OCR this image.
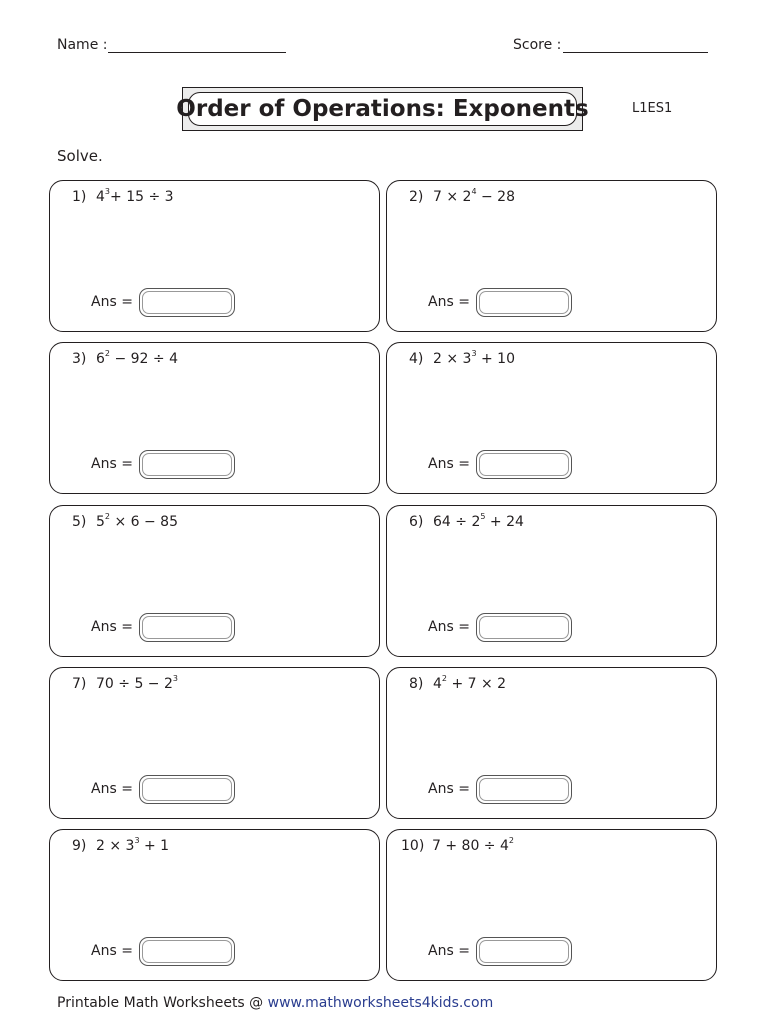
Name :	Score :
Order of Operations: Exponents	L1ES1
Solve.
1) $4^3+ 15 \div 3$
Ans =
2) $7 \times 2^4 - 28$
Ans =
3) $6^2 - 92 \div 4$
Ans =
4) $2 \times 3^3 + 10$
Ans =
5) $5^2 \times 6 - 85$
Ans =
6) $64 \div 2^5 + 24$
Ans =
7) $70 \div 5 - 2^3$
Ans =
8) $4^2 + 7 \times 2$
Ans =
9) $2 \times 3^3 + 1$
Ans =
10) $7 + 80 \div 4^2$
Ans =
Printable Math Worksheets @ www.mathworksheets4kids.com
